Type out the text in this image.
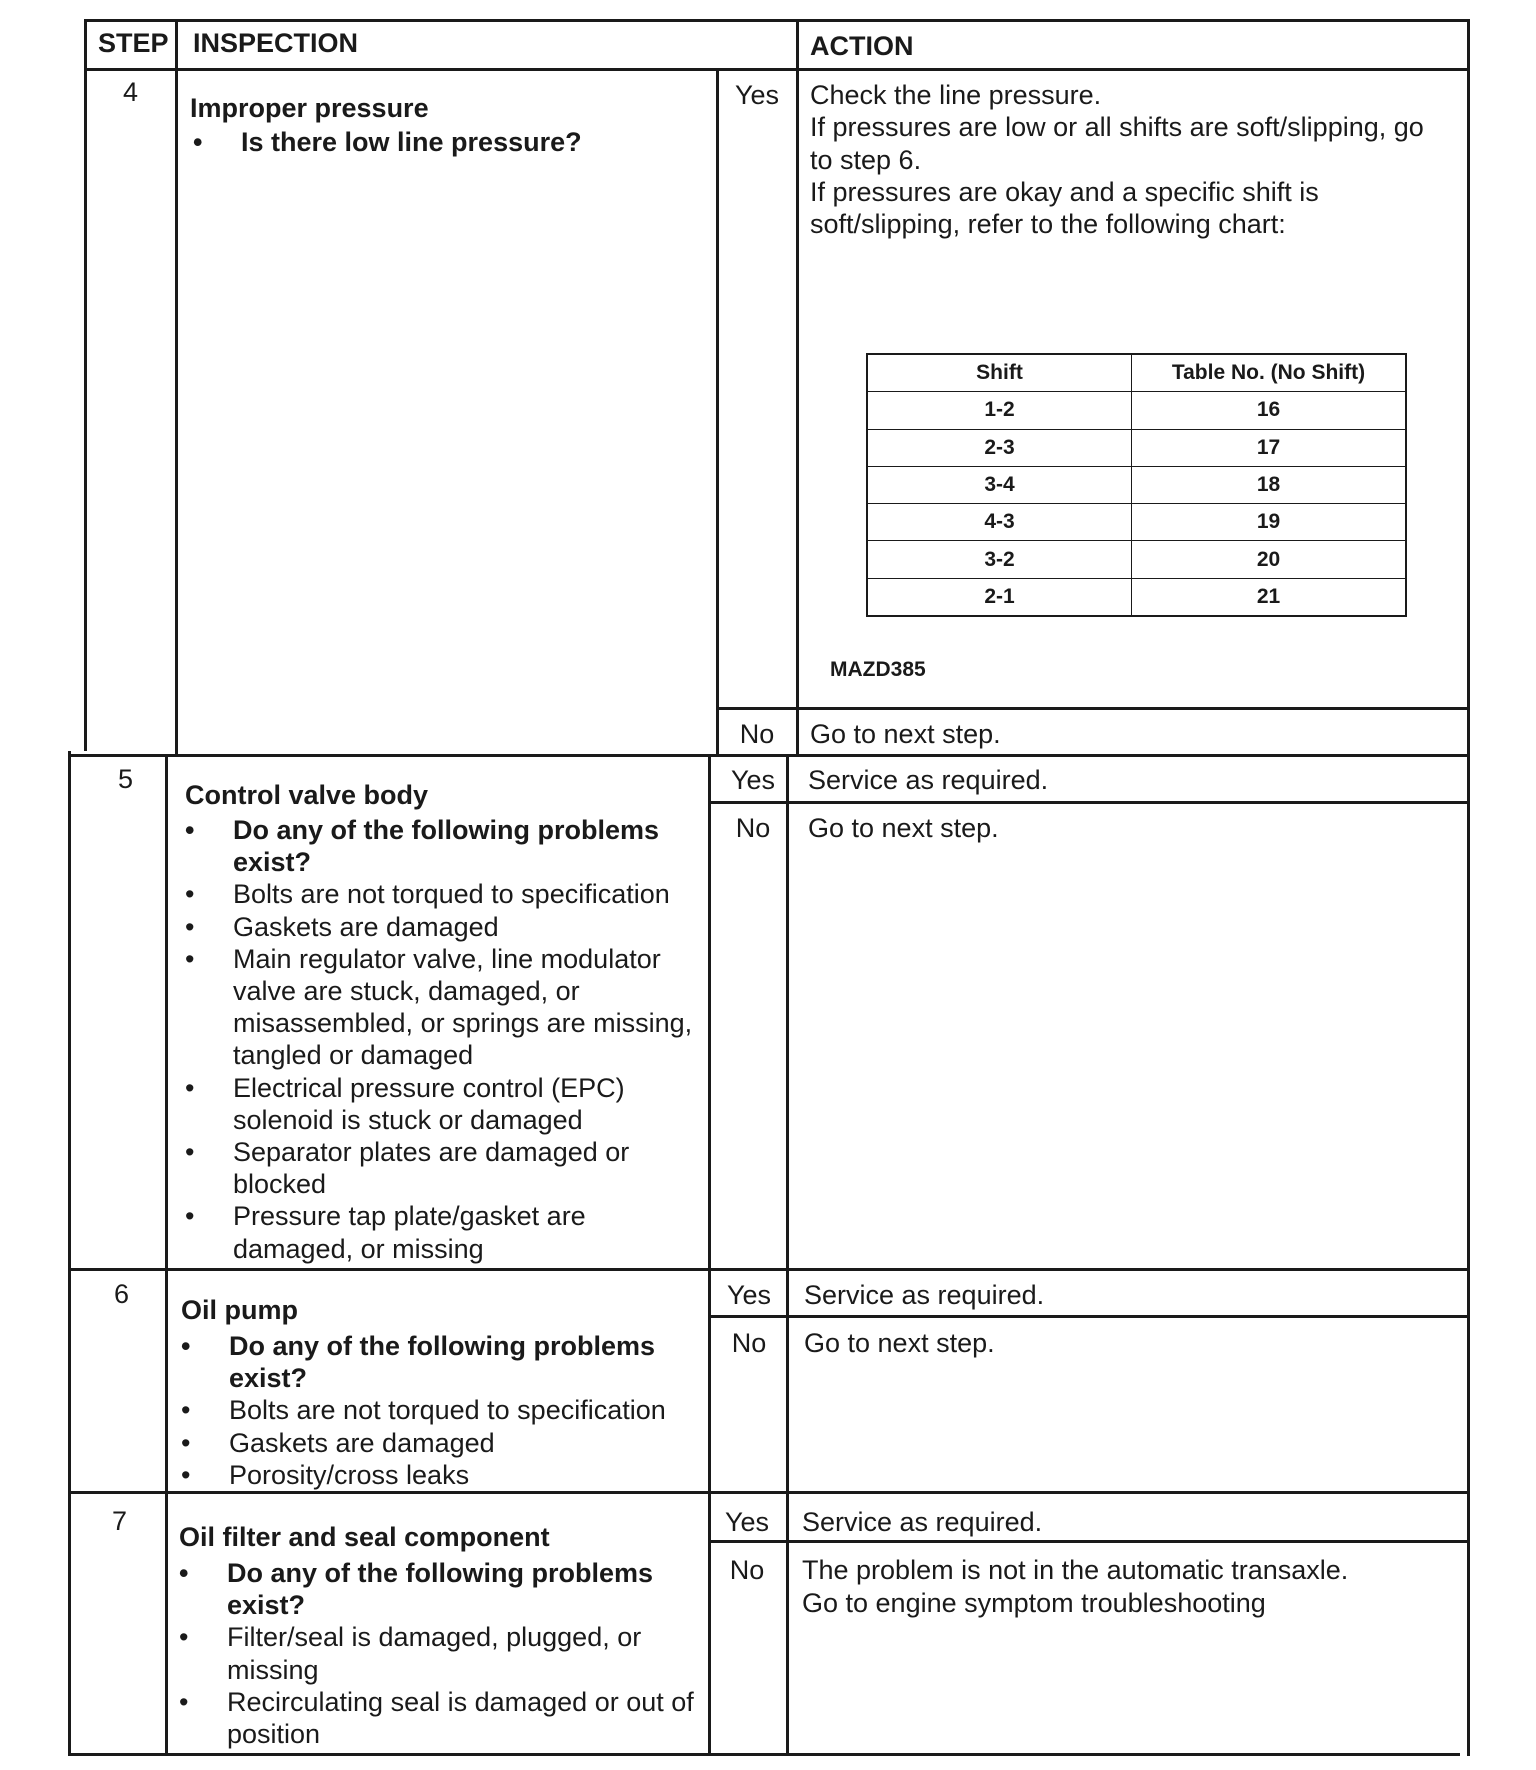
STEP INSPECTION	ACTION
4
Improper pressure
• Is there low line pressure?
Yes	Check the line pressure.
If pressures are low or all shifts are soft/slipping, go
to step 6.
If pressures are okay and a specific shift is
soft/slipping, refer to the following chart:
Shift	Table No. (No Shift)
1-2	16
2-3	17
3-4	18
4-3	19
3-2	20
2-1	21
MAZD385
No	Go to next step.
5
Control valve body
• Do any of the following problems exist?
• Bolts are not torqued to specification
• Gaskets are damaged
• Main regulator valve, line modulator valve are stuck, damaged, or misassembled, or springs are missing, tangled or damaged
• Electrical pressure control (EPC) solenoid is stuck or damaged
• Separator plates are damaged or blocked
• Pressure tap plate/gasket are damaged, or missing
Yes	Service as required.
No	Go to next step.
6
Oil pump
• Do any of the following problems exist?
• Bolts are not torqued to specification
• Gaskets are damaged
• Porosity/cross leaks
Yes	Service as required.
No	Go to next step.
7
Oil filter and seal component
• Do any of the following problems exist?
• Filter/seal is damaged, plugged, or missing
• Recirculating seal is damaged or out of position
Yes	Service as required.
No	The problem is not in the automatic transaxle.
Go to engine symptom troubleshooting
